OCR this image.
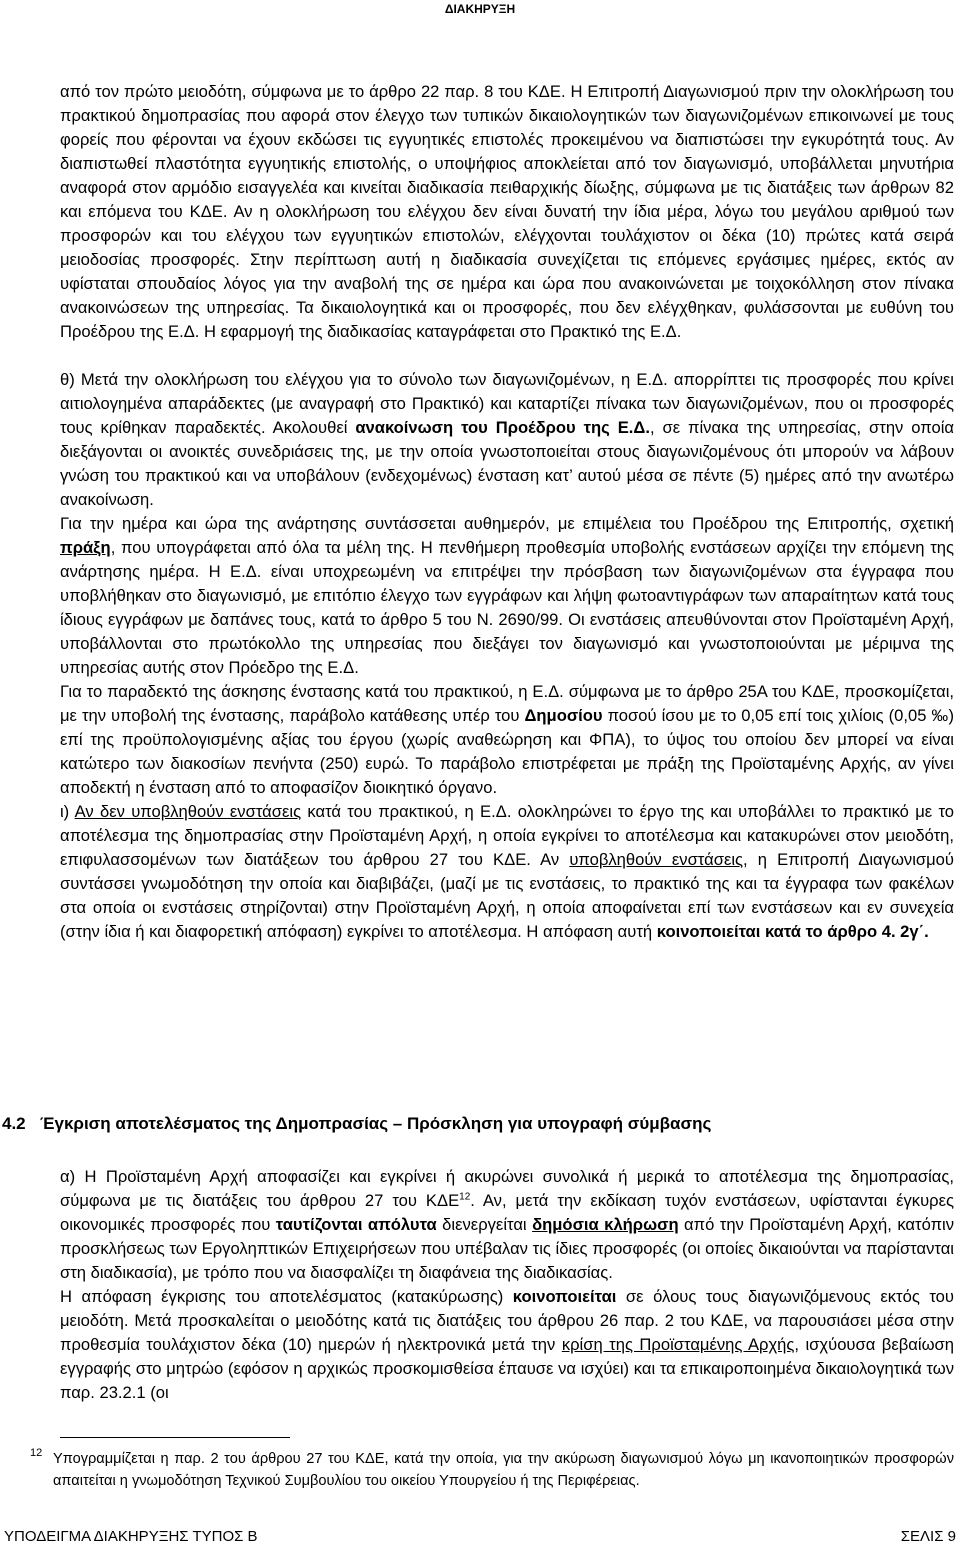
ΔΙΑΚΗΡΥΞΗ

από τον πρώτο μειοδότη, σύμφωνα με το άρθρο 22 παρ. 8 του ΚΔΕ. Η Επιτροπή Διαγωνισμού πριν την ολοκλήρωση του πρακτικού δημοπρασίας που αφορά στον έλεγχο των τυπικών δικαιολογητικών των διαγωνιζομένων επικοινωνεί με τους φορείς που φέρονται να έχουν εκδώσει τις εγγυητικές επιστολές προκειμένου να διαπιστώσει την εγκυρότητά τους. Αν διαπιστωθεί πλαστότητα εγγυητικής επιστολής, ο υποψήφιος αποκλείεται από τον διαγωνισμό, υποβάλλεται μηνυτήρια αναφορά στον αρμόδιο εισαγγελέα και κινείται διαδικασία πειθαρχικής δίωξης, σύμφωνα με τις διατάξεις των άρθρων 82 και επόμενα του ΚΔΕ. Αν η ολοκλήρωση του ελέγχου δεν είναι δυνατή την ίδια μέρα, λόγω του μεγάλου αριθμού των προσφορών και του ελέγχου των εγγυητικών επιστολών, ελέγχονται τουλάχιστον οι δέκα (10) πρώτες κατά σειρά μειοδοσίας προσφορές. Στην περίπτωση αυτή η διαδικασία συνεχίζεται τις επόμενες εργάσιμες ημέρες, εκτός αν υφίσταται σπουδαίος λόγος για την αναβολή της σε ημέρα και ώρα που ανακοινώνεται με τοιχοκόλληση στον πίνακα ανακοινώσεων της υπηρεσίας. Τα δικαιολογητικά και οι προσφορές, που δεν ελέγχθηκαν, φυλάσσονται με ευθύνη του Προέδρου της Ε.Δ. Η εφαρμογή της διαδικασίας καταγράφεται στο Πρακτικό της Ε.Δ.

θ) Μετά την ολοκλήρωση του ελέγχου για το σύνολο των διαγωνιζομένων, η Ε.Δ. απορρίπτει τις προσφορές που κρίνει αιτιολογημένα απαράδεκτες (με αναγραφή στο Πρακτικό) και καταρτίζει πίνακα των διαγωνιζομένων, που οι προσφορές τους κρίθηκαν παραδεκτές. Ακολουθεί ανακοίνωση του Προέδρου της Ε.Δ., σε πίνακα της υπηρεσίας, στην οποία διεξάγονται οι ανοικτές συνεδριάσεις της, με την οποία γνωστοποιείται στους διαγωνιζομένους ότι μπορούν να λάβουν γνώση του πρακτικού και να υποβάλουν (ενδεχομένως) ένσταση κατ’ αυτού μέσα σε πέντε (5) ημέρες από την ανωτέρω ανακοίνωση.

Για την ημέρα και ώρα της ανάρτησης συντάσσεται αυθημερόν, με επιμέλεια του Προέδρου της Επιτροπής, σχετική πράξη, που υπογράφεται από όλα τα μέλη της. Η πενθήμερη προθεσμία υποβολής ενστάσεων αρχίζει την επόμενη της ανάρτησης ημέρα. Η Ε.Δ. είναι υποχρεωμένη να επιτρέψει την πρόσβαση των διαγωνιζομένων στα έγγραφα που υποβλήθηκαν στο διαγωνισμό, με επιτόπιο έλεγχο των εγγράφων και λήψη φωτοαντιγράφων των απαραίτητων κατά τους ίδιους εγγράφων με δαπάνες τους, κατά το άρθρο 5 του Ν. 2690/99. Οι ενστάσεις απευθύνονται στον Προϊσταμένη Αρχή, υποβάλλονται στο πρωτόκολλο της υπηρεσίας που διεξάγει τον διαγωνισμό και γνωστοποιούνται με μέριμνα της υπηρεσίας αυτής στον Πρόεδρο της Ε.Δ.

Για το παραδεκτό της άσκησης ένστασης κατά του πρακτικού, η Ε.Δ. σύμφωνα με το άρθρο 25Α του ΚΔΕ, προσκομίζεται, με την υποβολή της ένστασης, παράβολο κατάθεσης υπέρ του Δημοσίου ποσού ίσου με το 0,05 επί τοις χιλίοις (0,05 ‰) επί της προϋπολογισμένης αξίας του έργου (χωρίς αναθεώρηση και ΦΠΑ), το ύψος του οποίου δεν μπορεί να είναι κατώτερο των διακοσίων πενήντα (250) ευρώ. Το παράβολο επιστρέφεται με πράξη της Προϊσταμένης Αρχής, αν γίνει αποδεκτή η ένσταση από το αποφασίζον διοικητικό όργανο.

ι) Αν δεν υποβληθούν ενστάσεις κατά του πρακτικού, η Ε.Δ. ολοκληρώνει το έργο της και υποβάλλει το πρακτικό με το αποτέλεσμα της δημοπρασίας στην Προϊσταμένη Αρχή, η οποία εγκρίνει το αποτέλεσμα και κατακυρώνει στον μειοδότη, επιφυλασσομένων των διατάξεων του άρθρου 27 του ΚΔΕ. Αν υποβληθούν ενστάσεις, η Επιτροπή Διαγωνισμού συντάσσει γνωμοδότηση την οποία και διαβιβάζει, (μαζί με τις ενστάσεις, το πρακτικό της και τα έγγραφα των φακέλων στα οποία οι ενστάσεις στηρίζονται) στην Προϊσταμένη Αρχή, η οποία αποφαίνεται επί των ενστάσεων και εν συνεχεία (στην ίδια ή και διαφορετική απόφαση) εγκρίνει το αποτέλεσμα. Η απόφαση αυτή κοινοποιείται κατά το άρθρο 4. 2γ΄.

4.2 Έγκριση αποτελέσματος της Δημοπρασίας – Πρόσκληση για υπογραφή σύμβασης

α) Η Προϊσταμένη Αρχή αποφασίζει και εγκρίνει ή ακυρώνει συνολικά ή μερικά το αποτέλεσμα της δημοπρασίας, σύμφωνα με τις διατάξεις του άρθρου 27 του ΚΔΕ$^{12}$. Αν, μετά την εκδίκαση τυχόν ενστάσεων, υφίστανται έγκυρες οικονομικές προσφορές που ταυτίζονται απόλυτα διενεργείται δημόσια κλήρωση από την Προϊσταμένη Αρχή, κατόπιν προσκλήσεως των Εργοληπτικών Επιχειρήσεων που υπέβαλαν τις ίδιες προσφορές (οι οποίες δικαιούνται να παρίστανται στη διαδικασία), με τρόπο που να διασφαλίζει τη διαφάνεια της διαδικασίας.

Η απόφαση έγκρισης του αποτελέσματος (κατακύρωσης) κοινοποιείται σε όλους τους διαγωνιζόμενους εκτός του μειοδότη. Μετά προσκαλείται ο μειοδότης κατά τις διατάξεις του άρθρου 26 παρ. 2 του ΚΔΕ, να παρουσιάσει μέσα στην προθεσμία τουλάχιστον δέκα (10) ημερών ή ηλεκτρονικά μετά την κρίση της Προϊσταμένης Αρχής, ισχύουσα βεβαίωση εγγραφής στο μητρώο (εφόσον η αρχικώς προσκομισθείσα έπαυσε να ισχύει) και τα επικαιροποιημένα δικαιολογητικά των παρ. 23.2.1 (οι

12 Υπογραμμίζεται η παρ. 2 του άρθρου 27 του ΚΔΕ, κατά την οποία, για την ακύρωση διαγωνισμού λόγω μη ικανοποιητικών προσφορών απαιτείται η γνωμοδότηση Τεχνικού Συμβουλίου του οικείου Υπουργείου ή της Περιφέρειας.
ΥΠΟΔΕΙΓΜΑ ΔΙΑΚΗΡΥΞΗΣ ΤΥΠΟΣ Β	ΣΕΛΙΣ 9
